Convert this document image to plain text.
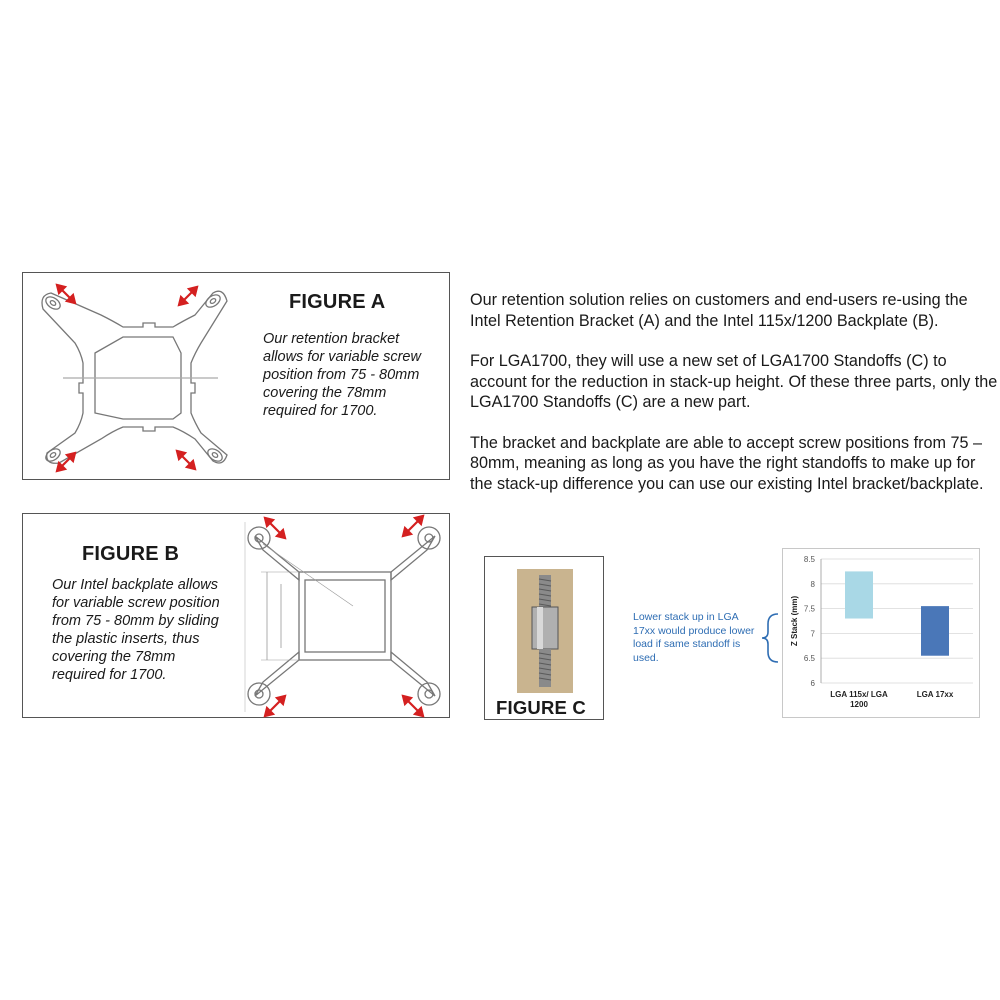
FIGURE A
Our retention bracket allows for variable screw position from 75 - 80mm covering the 78mm required for 1700.
FIGURE B
Our Intel backplate allows for variable screw position from 75 - 80mm by sliding the plastic inserts, thus covering the 78mm required for 1700.
FIGURE C

Our retention solution relies on customers and end-users re-using the Intel Retention Bracket (A) and the Intel 115x/1200 Backplate (B).

For LGA1700, they will use a new set of LGA1700 Standoffs (C) to account for the reduction in stack-up height. Of these three parts, only the LGA1700 Standoffs (C) are a new part.

The bracket and backplate are able to accept screw positions from 75 – 80mm, meaning as long as you have the right standoffs to make up for the stack-up difference you can use our existing Intel bracket/backplate.

Lower stack up in LGA 17xx would produce lower load if same standoff is used.
6
6.5
7
7.5
8
8.5
Z Stack (mm)
LGA 115x/ LGA
1200
LGA 17xx
